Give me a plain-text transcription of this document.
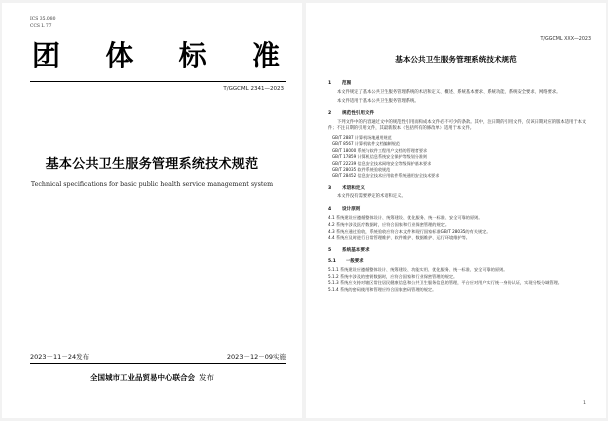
ICS 35.080
CCS L 77
团 体 标 准
T/GGCML 2341—2023
基本公共卫生服务管理系统技术规范
Technical specifications for basic public health service management system
2023－11－24发布	2023－12－09实施
全国城市工业品贸易中心联合会 发布
T/GGCML XXX—2023
基本公共卫生服务管理系统技术规范
1 范围
本文件规定了基本公共卫生服务管理系统的术语和定义、概述、系统基本要求、系统功能、系统安全要求、网络要求。
本文件适用于基本公共卫生服务管理系统。
2 规范性引用文件
下列文件中的内容通过文中的规范性引用而构成本文件必不可少的条款。其中，注日期的引用文件，仅该日期对应的版本适用于本文件；不注日期的引用文件，其最新版本（包括所有的修改单）适用于本文件。
GB/T 2887 计算机场地通用规范
GB/T 8567 计算机软件文档编制规范
GB/T 18000 系统与软件工程用户文档的管理者要求
GB/T 17859 计算机信息系统安全保护等级划分准则
GB/T 22239 信息安全技术网络安全等级保护基本要求
GB/T 28035 软件系统验收规范
GB/T 28452 信息安全技术应用软件系统通用安全技术要求
3 术语和定义
本文件没有需要界定的术语和定义。
4 设计原则
4.1 系统建设应遵循整体设计、统筹建设、优化服务、统一标准、安全可靠的原则。
4.2 系统中涉及医疗数据时，应符合国家和行业保密管理的规定。
4.3 系统应通过验收，系统验收应符合本文件和现行国家标准GB/T 28035的有关规定。
4.4 系统应及时进行日常管理维护、软件维护、数据维护、运行环境维护等。
5 系统基本要求
5.1 一般要求
5.1.1 系统建设应遵循整体设计、统筹建设、功能实用、优化服务、统一标准、安全可靠的原则。
5.1.2 系统中涉及的密钥数据时，应符合国家和行业保密管理的规定。
5.1.3 系统应支持对辖区常住居民健康信息和公共卫生服务信息的管理，平台应对用户实行统一身份认证，实现分级分域管理。
5.1.4 系统的密码使用和管理应符合国家密码管理的规定。
1
